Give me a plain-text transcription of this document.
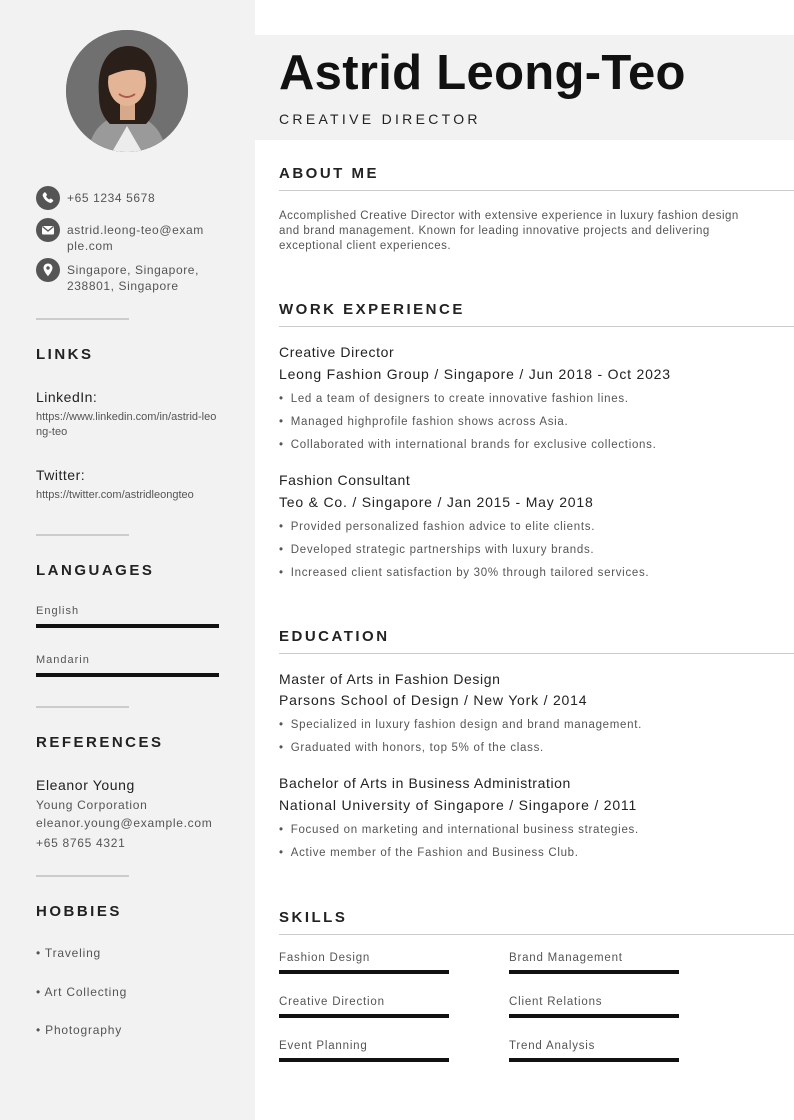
+65 1234 5678
astrid.leong-teo@example.com
Singapore, Singapore, 238801, Singapore
LINKS
LinkedIn:
https://www.linkedin.com/in/astrid-leong-teo
Twitter:
https://twitter.com/astridleongteo
LANGUAGES
English
Mandarin
REFERENCES
Eleanor Young
Young Corporation
eleanor.young@example.com
+65 8765 4321
HOBBIES
• Traveling
• Art Collecting
• Photography
Astrid Leong-Teo
CREATIVE DIRECTOR
ABOUT ME
Accomplished Creative Director with extensive experience in luxury fashion design and brand management. Known for leading innovative projects and delivering exceptional client experiences.
WORK EXPERIENCE
Creative Director
Leong Fashion Group / Singapore / Jun 2018 - Oct 2023
• Led a team of designers to create innovative fashion lines.
• Managed highprofile fashion shows across Asia.
• Collaborated with international brands for exclusive collections.
Fashion Consultant
Teo & Co. / Singapore / Jan 2015 - May 2018
• Provided personalized fashion advice to elite clients.
• Developed strategic partnerships with luxury brands.
• Increased client satisfaction by 30% through tailored services.
EDUCATION
Master of Arts in Fashion Design
Parsons School of Design / New York / 2014
• Specialized in luxury fashion design and brand management.
• Graduated with honors, top 5% of the class.
Bachelor of Arts in Business Administration
National University of Singapore / Singapore / 2011
• Focused on marketing and international business strategies.
• Active member of the Fashion and Business Club.
SKILLS
Fashion Design	Brand Management
Creative Direction	Client Relations
Event Planning	Trend Analysis
